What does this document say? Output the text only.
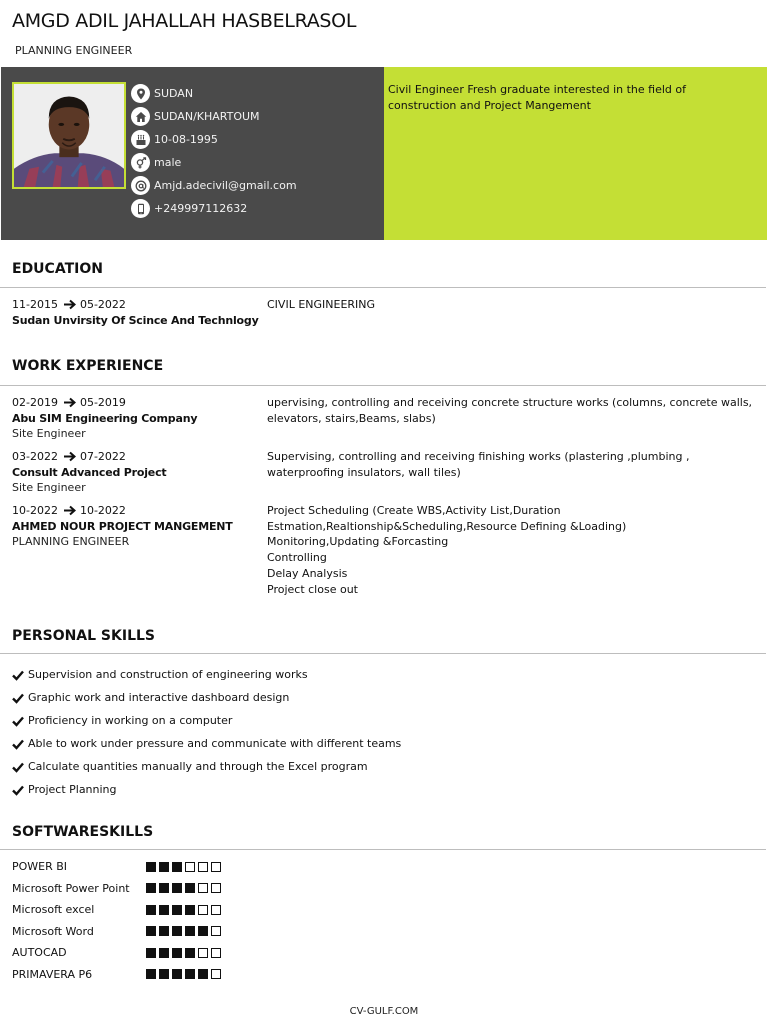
AMGD ADIL JAHALLAH HASBELRASOL
PLANNING ENGINEER
SUDAN
SUDAN/KHARTOUM
10-08-1995
male
Amjd.adecivil@gmail.com
+249997112632
Civil Engineer Fresh graduate interested in the field of construction and Project Mangement
EDUCATION
11-2015 05-2022
Sudan Unvirsity Of Scince And Technlogy
CIVIL ENGINEERING
WORK EXPERIENCE
02-2019 05-2019
Abu SIM Engineering Company
Site Engineer
upervising, controlling and receiving concrete structure works (columns, concrete walls, elevators, stairs,Beams, slabs)
03-2022 07-2022
Consult Advanced Project
Site Engineer
Supervising, controlling and receiving finishing works (plastering ,plumbing , waterproofing insulators, wall tiles)
10-2022 10-2022
AHMED NOUR PROJECT MANGEMENT
PLANNING ENGINEER
Project Scheduling (Create WBS,Activity List,Duration Estmation,Realtionship&Scheduling,Resource Defining &Loading)
Monitoring,Updating &Forcasting
Controlling
Delay Analysis
Project close out
PERSONAL SKILLS
Supervision and construction of engineering works
Graphic work and interactive dashboard design
Proficiency in working on a computer
Able to work under pressure and communicate with different teams
Calculate quantities manually and through the Excel program
Project Planning
SOFTWARESKILLS
POWER BI
Microsoft Power Point
Microsoft excel
Microsoft Word
AUTOCAD
PRIMAVERA P6
CV-GULF.COM
